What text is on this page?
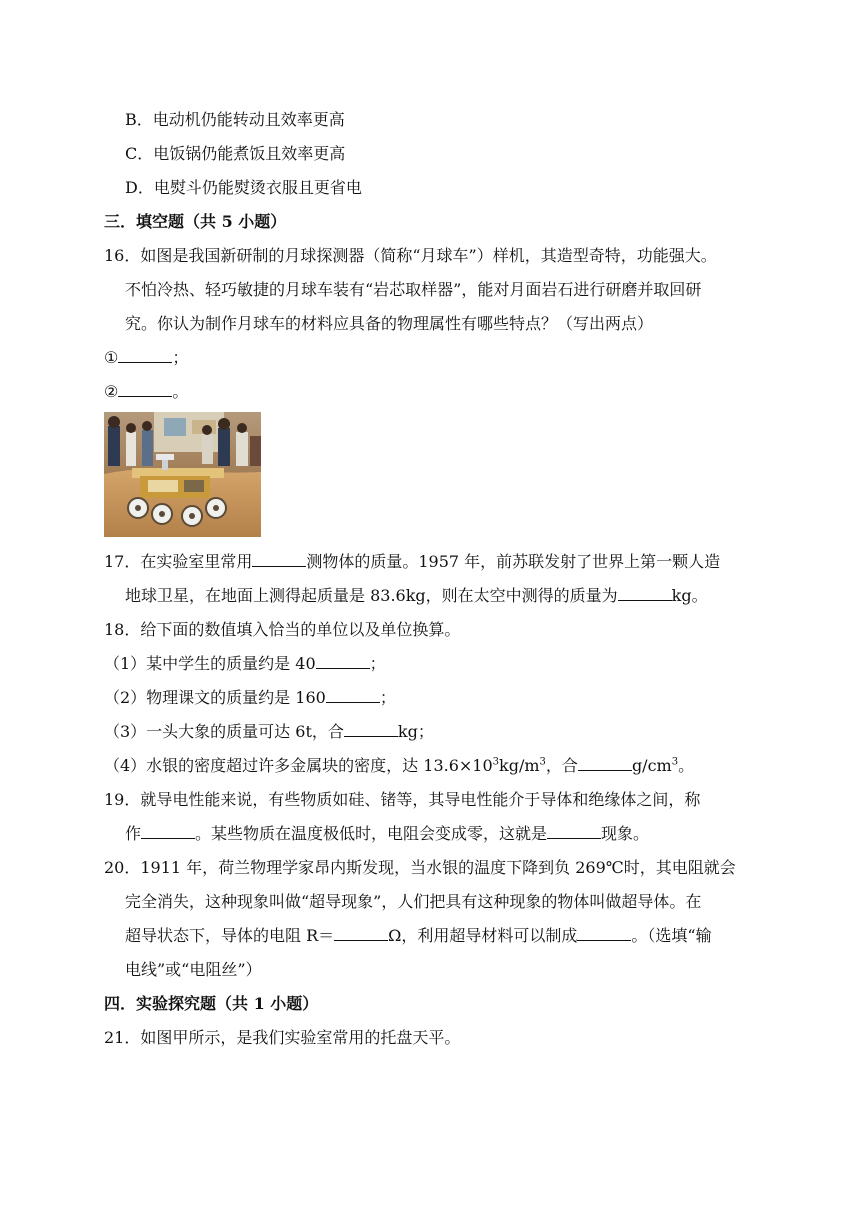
B．电动机仍能转动且效率更高
C．电饭锅仍能煮饭且效率更高
D．电熨斗仍能熨烫衣服且更省电
三．填空题（共 5 小题）
16．如图是我国新研制的月球探测器（简称“月球车”）样机，其造型奇特，功能强大。
不怕冷热、轻巧敏捷的月球车装有“岩芯取样器”，能对月面岩石进行研磨并取回研
究。你认为制作月球车的材料应具备的物理属性有哪些特点？（写出两点）
①	；
②	。
17．在实验室里常用	测物体的质量。1957 年，前苏联发射了世界上第一颗人造
地球卫星，在地面上测得起质量是 83.6kg，则在太空中测得的质量为	kg。
18．给下面的数值填入恰当的单位以及单位换算。
（1）某中学生的质量约是 40	；
（2）物理课文的质量约是 160	；
（3）一头大象的质量可达 6t，合	kg；
（4）水银的密度超过许多金属块的密度，达 $13.6\times 10^3kg/m^3$，合	$g/cm^3$。
19．就导电性能来说，有些物质如硅、锗等，其导电性能介于导体和绝缘体之间，称
作	。某些物质在温度极低时，电阻会变成零，这就是	现象。
20．1911 年，荷兰物理学家昂内斯发现，当水银的温度下降到负 269℃时，其电阻就会
完全消失，这种现象叫做“超导现象”，人们把具有这种现象的物体叫做超导体。在
超导状态下，导体的电阻 R＝	Ω，利用超导材料可以制成	。（选填“输
电线”或“电阻丝”）
四．实验探究题（共 1 小题）
21．如图甲所示，是我们实验室常用的托盘天平。
